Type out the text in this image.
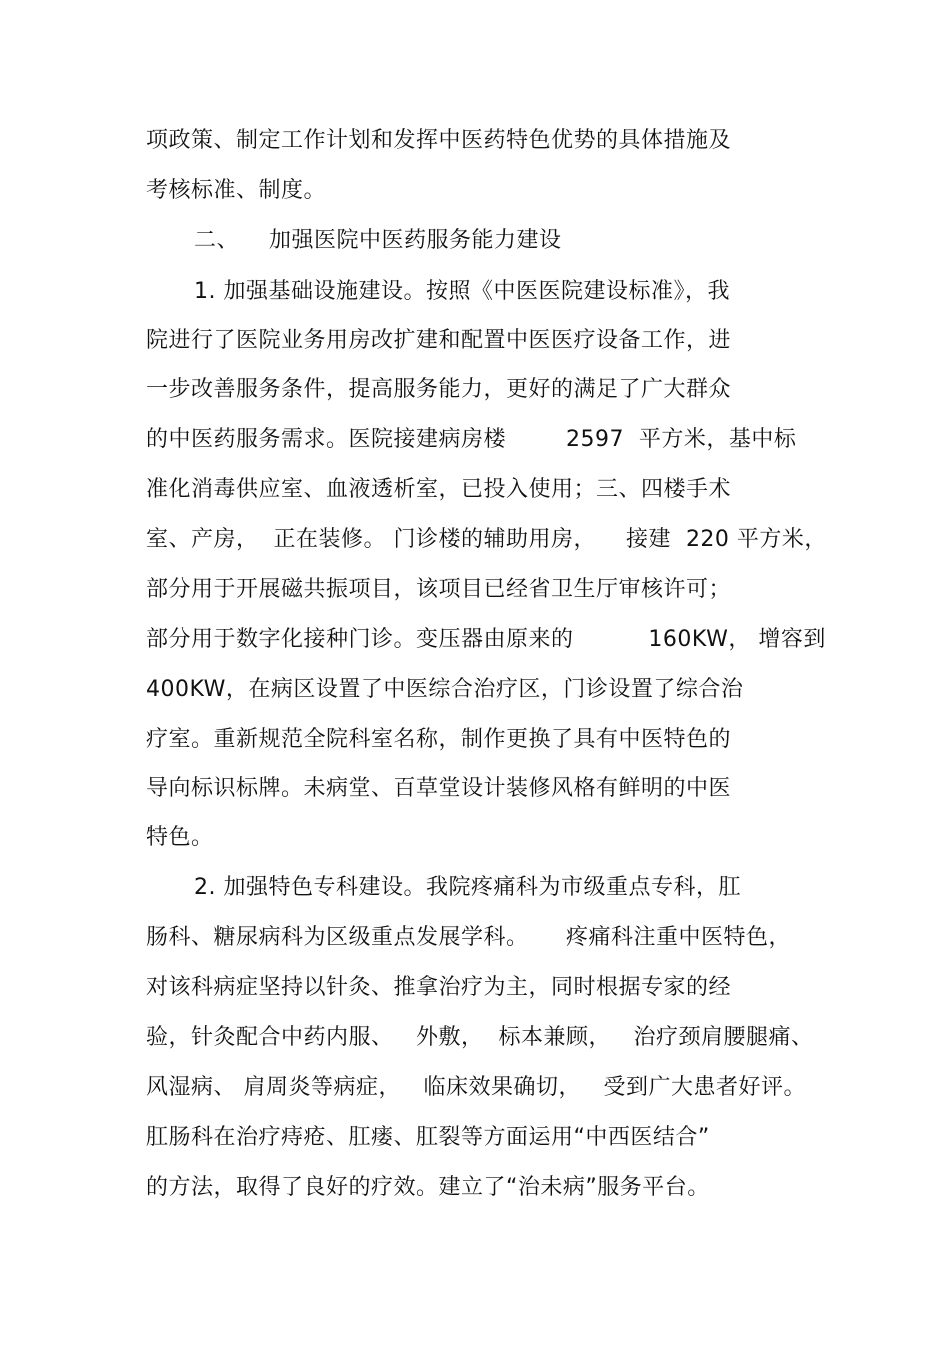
项政策、制定工作计划和发挥中医药特色优势的具体措施及
考核标准、制度。
二、    加强医院中医药服务能力建设
1. 加强基础设施建设。按照《中医医院建设标准》，我
院进行了医院业务用房改扩建和配置中医医疗设备工作，进
一步改善服务条件，提高服务能力，更好的满足了广大群众
的中医药服务需求。医院接建病房楼        2597  平方米，基中标
准化消毒供应室、血液透析室，已投入使用；三、四楼手术
室、产房，  正在装修。 门诊楼的辅助用房，    接建  220 平方米，
部分用于开展磁共振项目，该项目已经省卫生厅审核许可；
部分用于数字化接种门诊。变压器由原来的          160KW， 增容到
400KW，在病区设置了中医综合治疗区，门诊设置了综合治
疗室。重新规范全院科室名称，制作更换了具有中医特色的
导向标识标牌。未病堂、百草堂设计装修风格有鲜明的中医
特色。
2. 加强特色专科建设。我院疼痛科为市级重点专科，肛
肠科、糖尿病科为区级重点发展学科。     疼痛科注重中医特色，
对该科病症坚持以针灸、推拿治疗为主，同时根据专家的经
验，针灸配合中药内服、   外敷，  标本兼顾，   治疗颈肩腰腿痛、
风湿病、 肩周炎等病症，   临床效果确切，   受到广大患者好评。
肛肠科在治疗痔疮、肛瘘、肛裂等方面运用“中西医结合”
的方法，取得了良好的疗效。建立了“治未病”服务平台。
